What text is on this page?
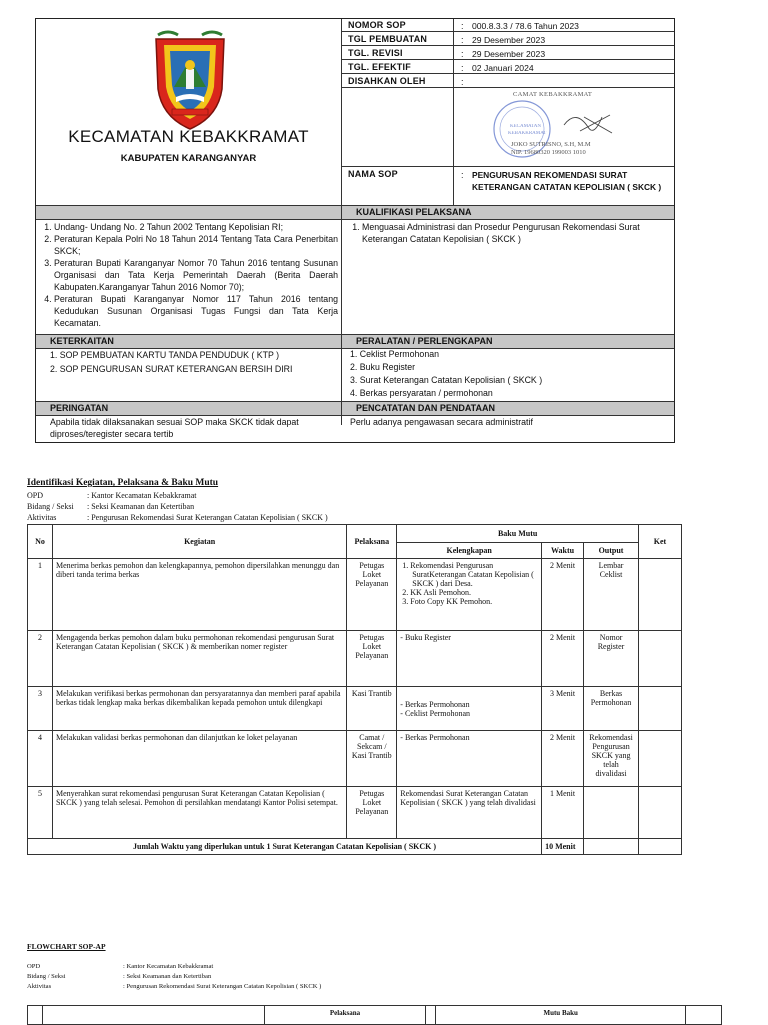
KECAMATAN KEBAKKRAMAT
KABUPATEN KARANGANYAR
NOMOR SOP	: 000.8.3.3 / 78.6 Tahun 2023
TGL PEMBUATAN	: 29 Desember 2023
TGL. REVISI	: 29 Desember 2023
TGL. EFEKTIF	: 02 Januari 2024
DISAHKAN OLEH	:
KECAMATAN
KEBAKKRAMAT
CAMAT KEBAKKRAMAT
JOKO SUTRISNO, S.H, M.M
NIP. 19680320 199003 1010
NAMA SOP	: PENGURUSAN REKOMENDASI SURAT KETERANGAN CATATAN KEPOLISIAN ( SKCK )
KUALIFIKASI PELAKSANA
1. Undang- Undang No. 2 Tahun 2002 Tentang Kepolisian RI;
2. Peraturan Kepala Polri No 18 Tahun 2014 Tentang Tata Cara Penerbitan SKCK;
3. Peraturan Bupati Karanganyar Nomor 70 Tahun 2016 tentang Susunan Organisasi dan Tata Kerja Pemerintah Daerah (Berita Daerah Kabupaten.Karanganyar Tahun 2016 Nomor 70);
4. Peraturan Bupati Karanganyar Nomor 117 Tahun 2016 tentang Kedudukan Susunan Organisasi Tugas Fungsi dan Tata Kerja Kecamatan.
1. Menguasai Administrasi dan Prosedur Pengurusan Rekomendasi Surat Keterangan Catatan Kepolisian ( SKCK )
KETERKAITAN	PERALATAN / PERLENGKAPAN
1. SOP PEMBUATAN KARTU TANDA PENDUDUK ( KTP )
2. SOP PENGURUSAN SURAT KETERANGAN BERSIH DIRI
1. Ceklist Permohonan
2. Buku Register
3. Surat Keterangan Catatan Kepolisian ( SKCK )
4. Berkas persyaratan / permohonan
PERINGATAN	PENCATATAN DAN PENDATAAN
Apabila tidak dilaksanakan sesuai SOP maka SKCK tidak dapat diproses/teregister secara tertib
Perlu adanya pengawasan secara administratif
Identifikasi Kegiatan, Pelaksana & Baku Mutu
OPD	: Kantor Kecamatan Kebakkramat
Bidang / Seksi : Seksi Keamanan dan Ketertiban
Aktivitas	: Pengurusan Rekomendasi Surat Keterangan Catatan Kepolisian ( SKCK )
No	Kegiatan	Pelaksana	Baku Mutu			Ket
			Kelengkapan	Waktu	Output	
1	Menerima berkas pemohon dan kelengkapannya, pemohon dipersilahkan menunggu dan diberi tanda terima berkas	Petugas Loket Pelayanan	1. Rekomendasi Pengurusan SuratKeterangan Catatan Kepolisian ( SKCK ) dari Desa.
2. KK Asli Pemohon.
3. Foto Copy KK Pemohon.	2 Menit	Lembar Ceklist	
2	Mengagenda berkas pemohon dalam buku permohonan rekomendasi pengurusan Surat Keterangan Catatan Kepolisian ( SKCK ) & memberikan nomer register	Petugas Loket Pelayanan	- Buku Register	2 Menit	Nomor Register	
3	Melakukan verifikasi berkas permohonan dan persyaratannya dan memberi paraf apabila berkas tidak lengkap maka berkas dikembalikan kepada pemohon untuk dilengkapi	Kasi Trantib	- Berkas Permohonan
- Ceklist Permohonan	3 Menit	Berkas Permohonan	
4	Melakukan validasi berkas permohonan dan dilanjutkan ke loket pelayanan	Camat / Sekcam / Kasi Trantib	- Berkas Permohonan	2 Menit	Rekomendasi Pengurusan SKCK yang telah divalidasi	
5	Menyerahkan surat rekomendasi pengurusan Surat Keterangan Catatan Kepolisian ( SKCK ) yang telah selesai. Pemohon di persilahkan mendatangi Kantor Polisi setempat.	Petugas Loket Pelayanan	Rekomendasi Surat Keterangan Catatan Kepolisian ( SKCK ) yang telah divalidasi	1 Menit		
Jumlah Waktu yang diperlukan untuk 1 Surat Keterangan Catatan Kepolisian ( SKCK )				10 Menit		
FLOWCHART SOP-AP
OPD	: Kantor Kecamatan Kebakkramat
Bidang / Seksi	: Seksi Keamanan dan Ketertiban
Aktivitas	: Pengurusan Rekomendasi Surat Keterangan Catatan Kepolisian ( SKCK )
		Pelaksana		Mutu Baku	
